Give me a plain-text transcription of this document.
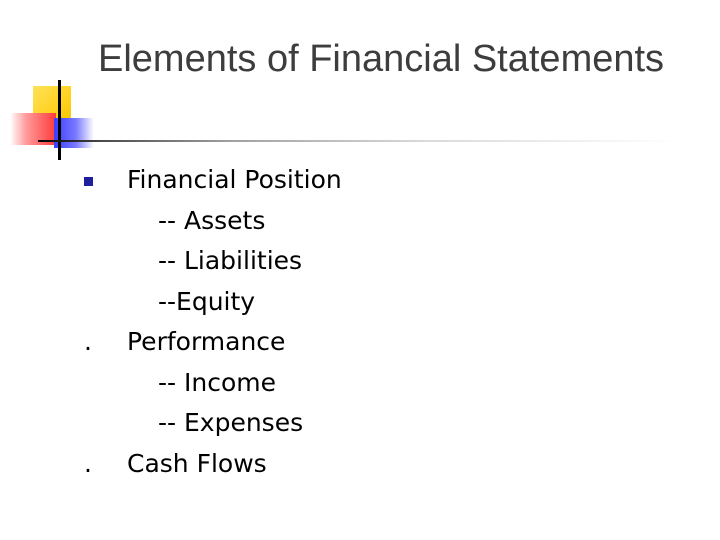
Elements of Financial Statements
Financial Position
-- Assets
-- Liabilities
--Equity
.	Performance
-- Income
-- Expenses
.	Cash Flows
